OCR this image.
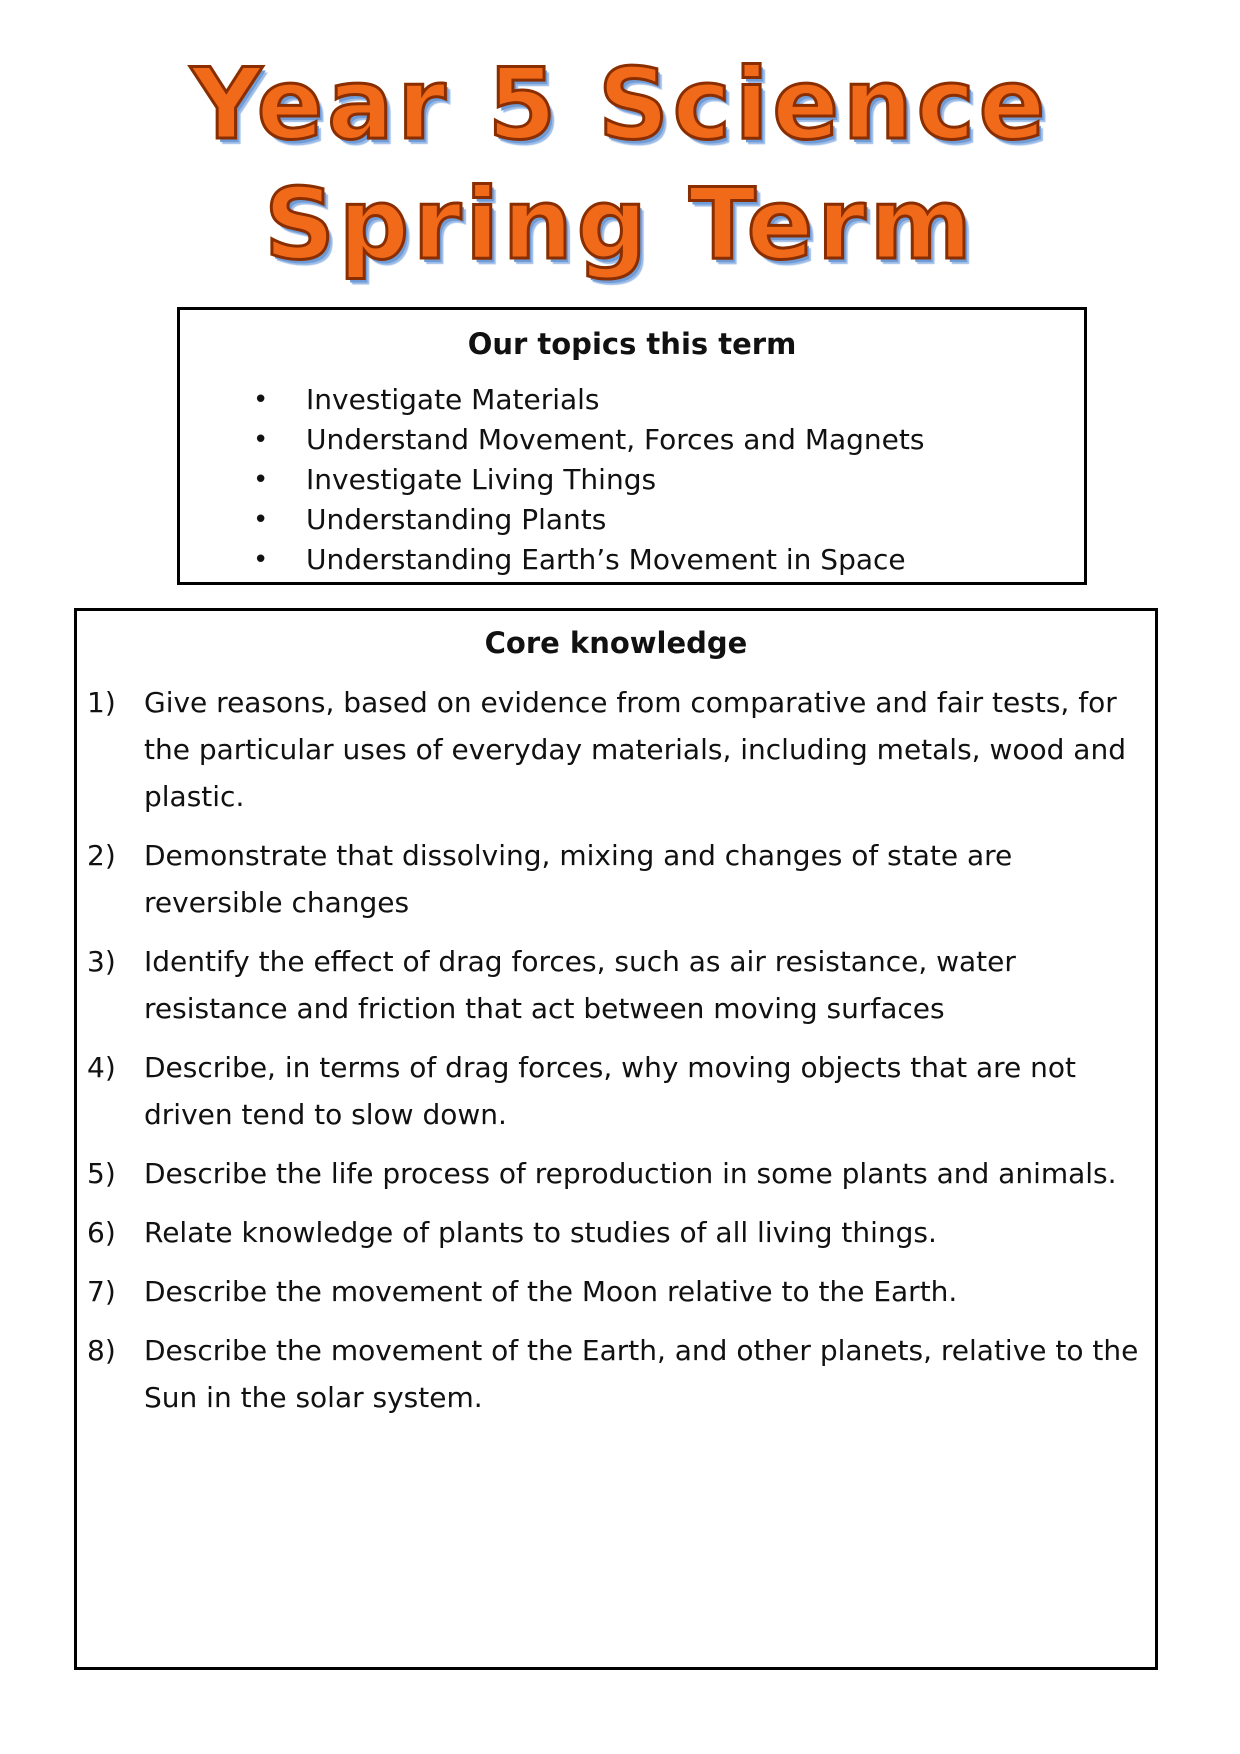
Year 5 Science
Spring Term
Our topics this term
• Investigate Materials
• Understand Movement, Forces and Magnets
• Investigate Living Things
• Understanding Plants
• Understanding Earth’s Movement in Space
Core knowledge
1) Give reasons, based on evidence from comparative and fair tests, for the particular uses of everyday materials, including metals, wood and plastic.
2) Demonstrate that dissolving, mixing and changes of state are reversible changes
3) Identify the effect of drag forces, such as air resistance, water resistance and friction that act between moving surfaces
4) Describe, in terms of drag forces, why moving objects that are not driven tend to slow down.
5) Describe the life process of reproduction in some plants and animals.
6) Relate knowledge of plants to studies of all living things.
7) Describe the movement of the Moon relative to the Earth.
8) Describe the movement of the Earth, and other planets, relative to the Sun in the solar system.
